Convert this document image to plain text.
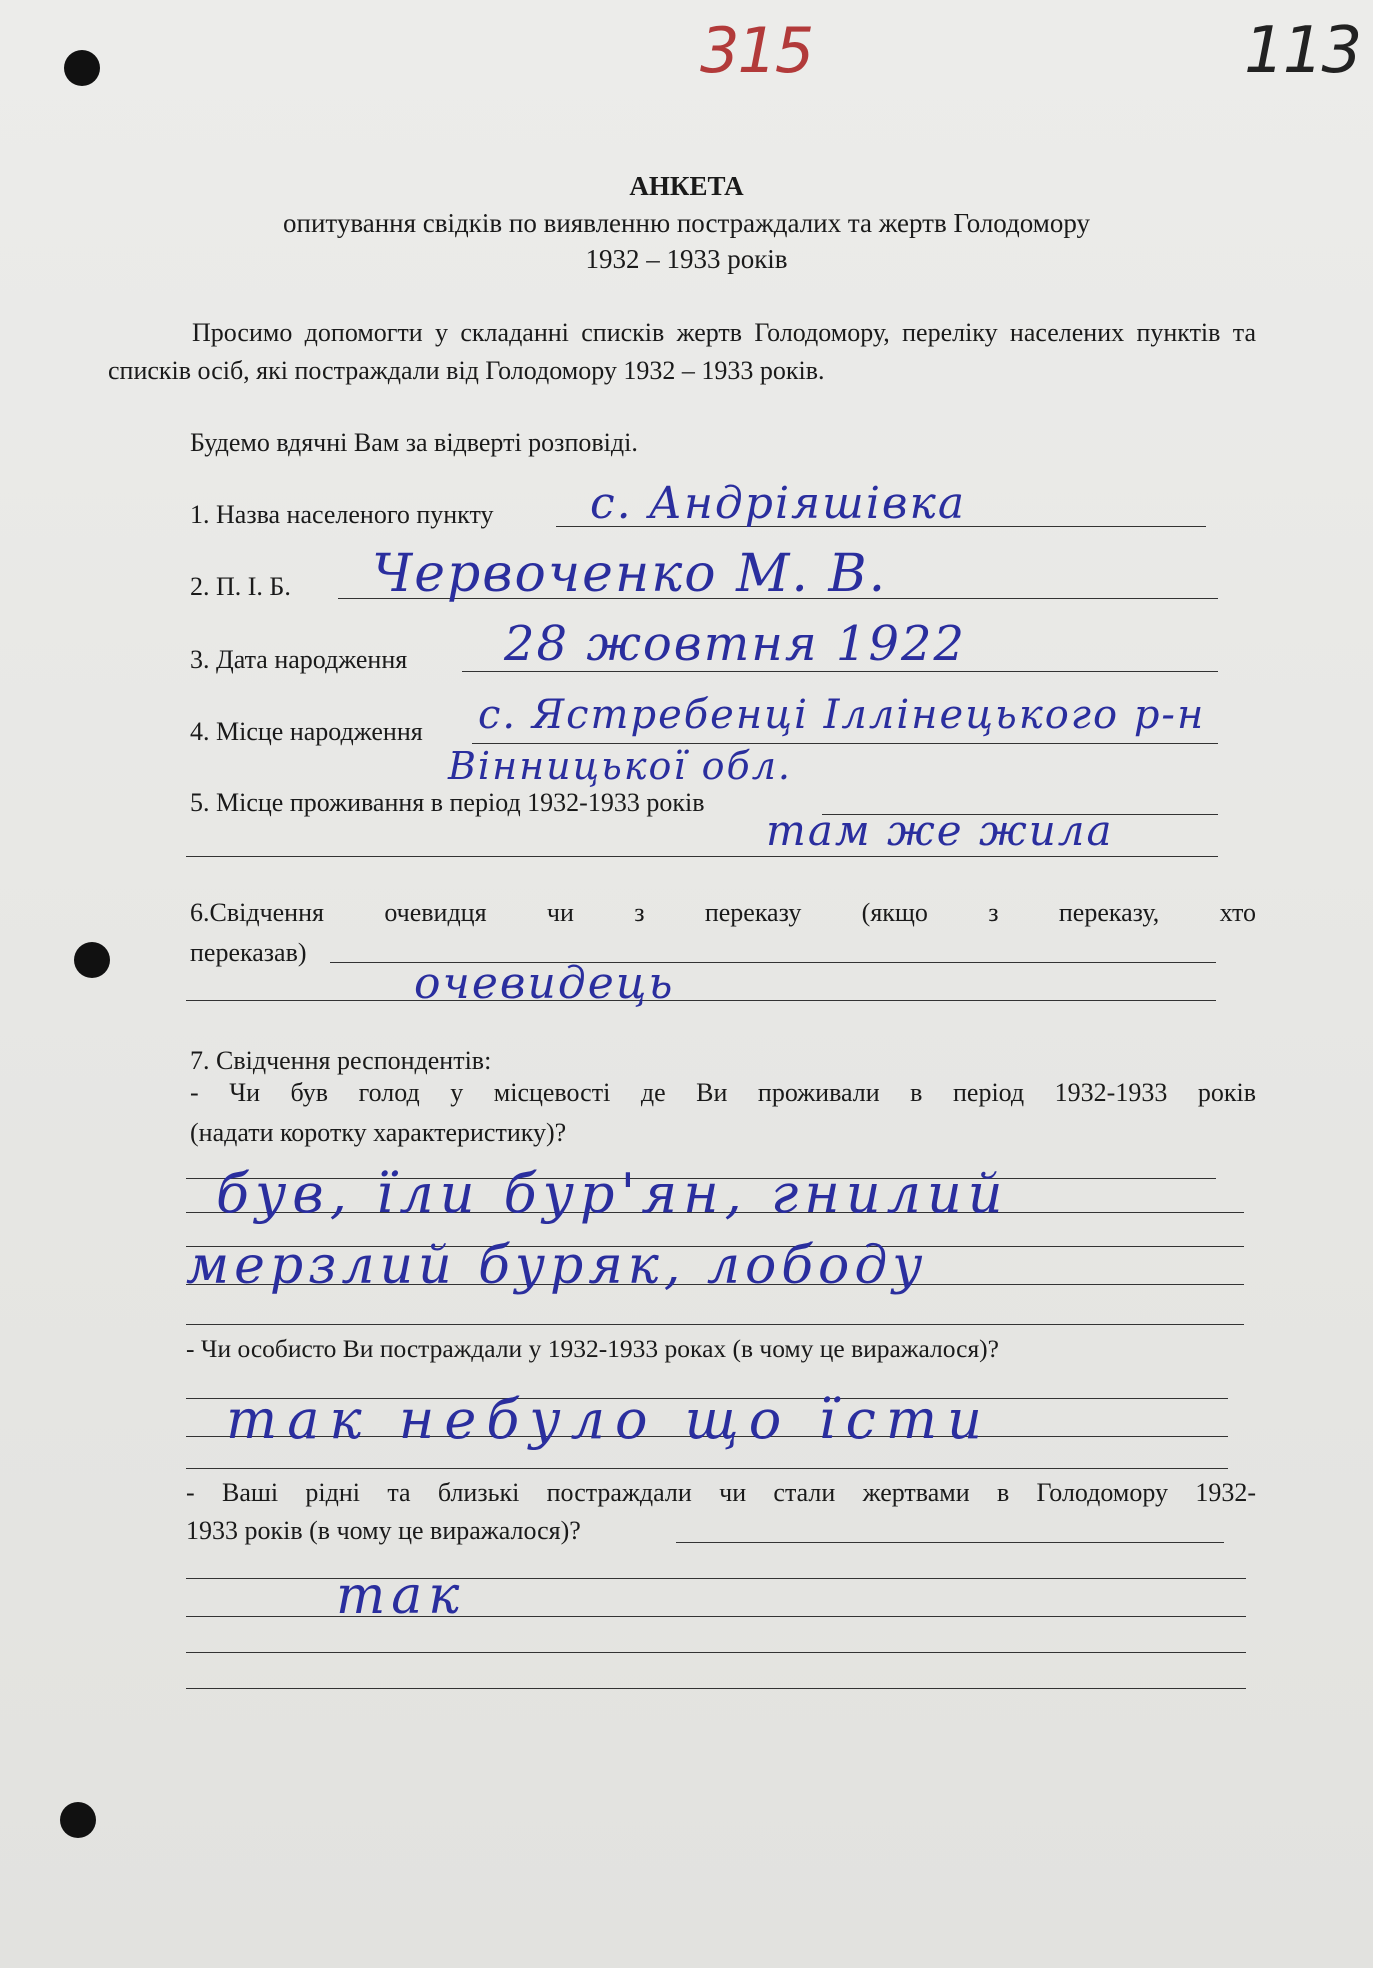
315	113
АНКЕТА
опитування свідків по виявленню постраждалих та жертв Голодомору
1932 – 1933 років
Просимо допомогти у складанні списків жертв Голодомору, переліку населених пунктів та списків осіб, які постраждали від Голодомору 1932 – 1933 років.
Будемо вдячні Вам за відверті розповіді.
1. Назва населеного пункту с. Андріяшівка
2. П. І. Б. Червоченко М. В.
3. Дата народження 28 жовтня 1922
4. Місце народження с. Ястребенці Іллінецького р-н
Вінницької обл.
5. Місце проживання в період 1932-1933 років
там же жила
6.Свідчення очевидця чи з переказу (якщо з переказу, хто
переказав)
очевидець
7. Свідчення респондентів:
- Чи був голод у місцевості де Ви проживали в період 1932-1933 років
(надати коротку характеристику)?
був, їли бур'ян, гнилий
мерзлий буряк, лободу
- Чи особисто Ви постраждали у 1932-1933 роках (в чому це виражалося)?
так небуло що їсти
- Ваші рідні та близькі постраждали чи стали жертвами в Голодомору 1932-
1933 років (в чому це виражалося)?
так
